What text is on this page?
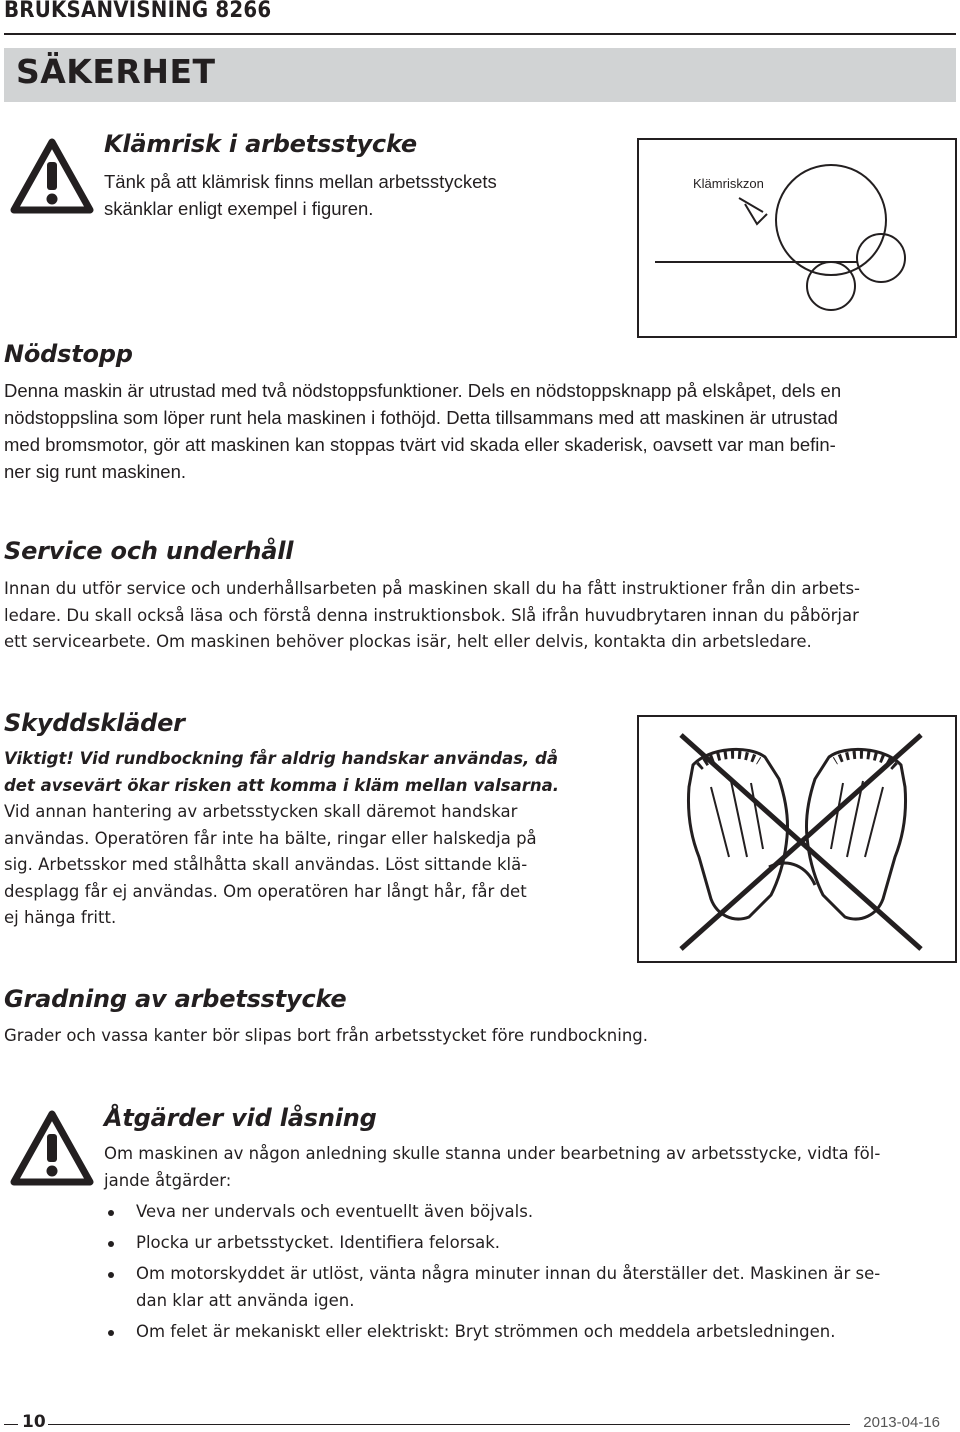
BRUKSANVISNING 8266
SÄKERHET
Klämrisk i arbetsstycke
Tänk på att klämrisk finns mellan arbetsstyckets
skänklar enligt exempel i figuren.
Klämriskzon
Nödstopp
Denna maskin är utrustad med två nödstoppsfunktioner. Dels en nödstoppsknapp på elskåpet, dels en
nödstoppslina som löper runt hela maskinen i fothöjd. Detta tillsammans med att maskinen är utrustad
med bromsmotor, gör att maskinen kan stoppas tvärt vid skada eller skaderisk, oavsett var man befin-
ner sig runt maskinen.
Service och underhåll
Innan du utför service och underhållsarbeten på maskinen skall du ha fått instruktioner från din arbets-
ledare. Du skall också läsa och förstå denna instruktionsbok. Slå ifrån huvudbrytaren innan du påbörjar
ett servicearbete. Om maskinen behöver plockas isär, helt eller delvis, kontakta din arbetsledare.
Skyddskläder
Viktigt! Vid rundbockning får aldrig handskar användas, då
det avsevärt ökar risken att komma i kläm mellan valsarna.
Vid annan hantering av arbetsstycken skall däremot handskar
användas. Operatören får inte ha bälte, ringar eller halskedja på
sig. Arbetsskor med stålhåtta skall användas. Löst sittande klä-
desplagg får ej användas. Om operatören har långt hår, får det
ej hänga fritt.
Gradning av arbetsstycke
Grader och vassa kanter bör slipas bort från arbetsstycket före rundbockning.
Åtgärder vid låsning
Om maskinen av någon anledning skulle stanna under bearbetning av arbetsstycke, vidta föl-
jande åtgärder:
Veva ner undervals och eventuellt även böjvals.
Plocka ur arbetsstycket. Identifiera felorsak.
Om motorskyddet är utlöst, vänta några minuter innan du återställer det. Maskinen är se-
dan klar att använda igen.
Om felet är mekaniskt eller elektriskt: Bryt strömmen och meddela arbetsledningen.
10	2013-04-16
